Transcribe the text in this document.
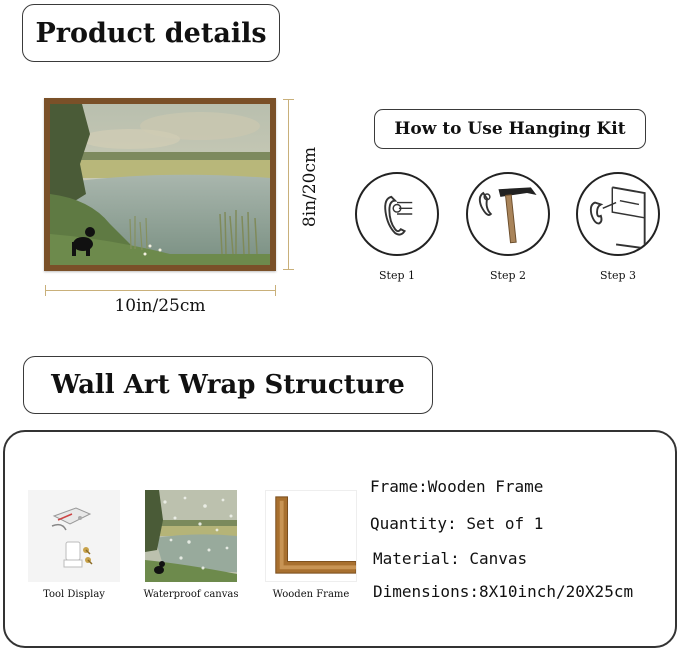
Product details
8in/20cm
10in/25cm
How to Use Hanging Kit
Step 1	Step 2	Step 3
Wall Art Wrap Structure
Tool Display	Waterproof canvas	Wooden Frame
Frame:Wooden Frame
Quantity: Set of 1
Material: Canvas
Dimensions:8X10inch/20X25cm
